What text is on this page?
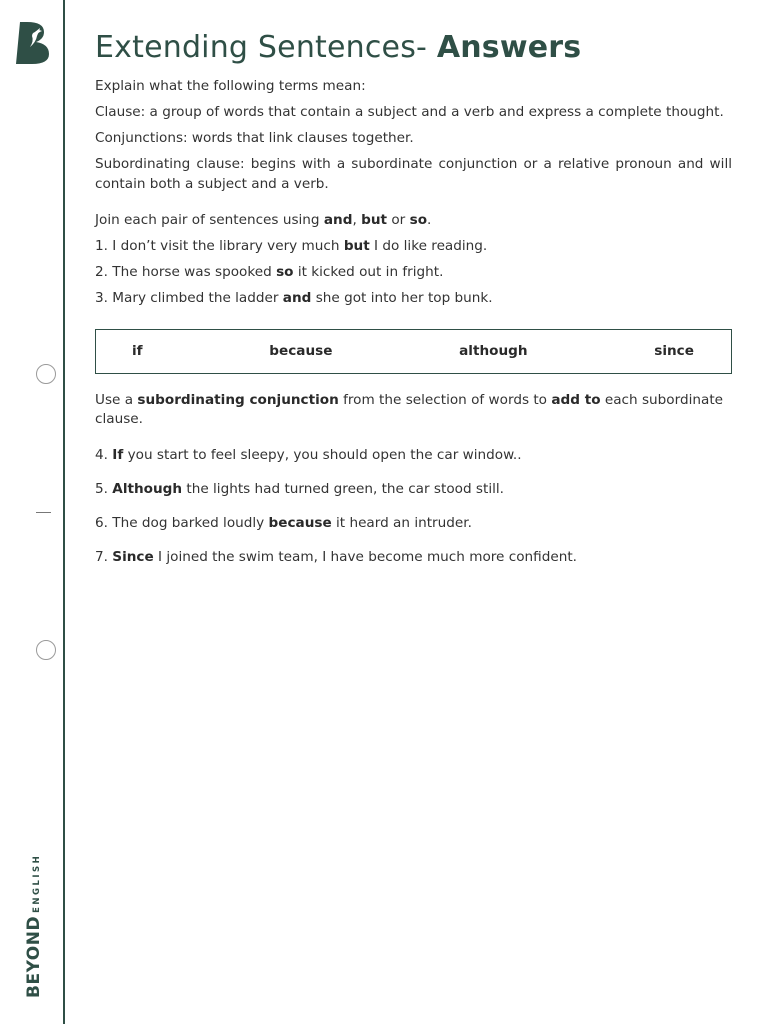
BEYONDENGLISH
Extending Sentences- Answers

Explain what the following terms mean:

Clause: a group of words that contain a subject and a verb and express a complete thought.

Conjunctions: words that link clauses together.

Subordinating clause: begins with a subordinate conjunction or a relative pronoun and will contain both a subject and a verb.

Join each pair of sentences using and, but or so.

1. I don’t visit the library very much but I do like reading.

2. The horse was spooked so it kicked out in fright.

3. Mary climbed the ladder and she got into her top bunk.

if	because	although	since

Use a subordinating conjunction from the selection of words to add to each subordinate clause.

4. If you start to feel sleepy, you should open the car window..

5. Although the lights had turned green, the car stood still.

6. The dog barked loudly because it heard an intruder.

7. Since I joined the swim team, I have become much more confident.
